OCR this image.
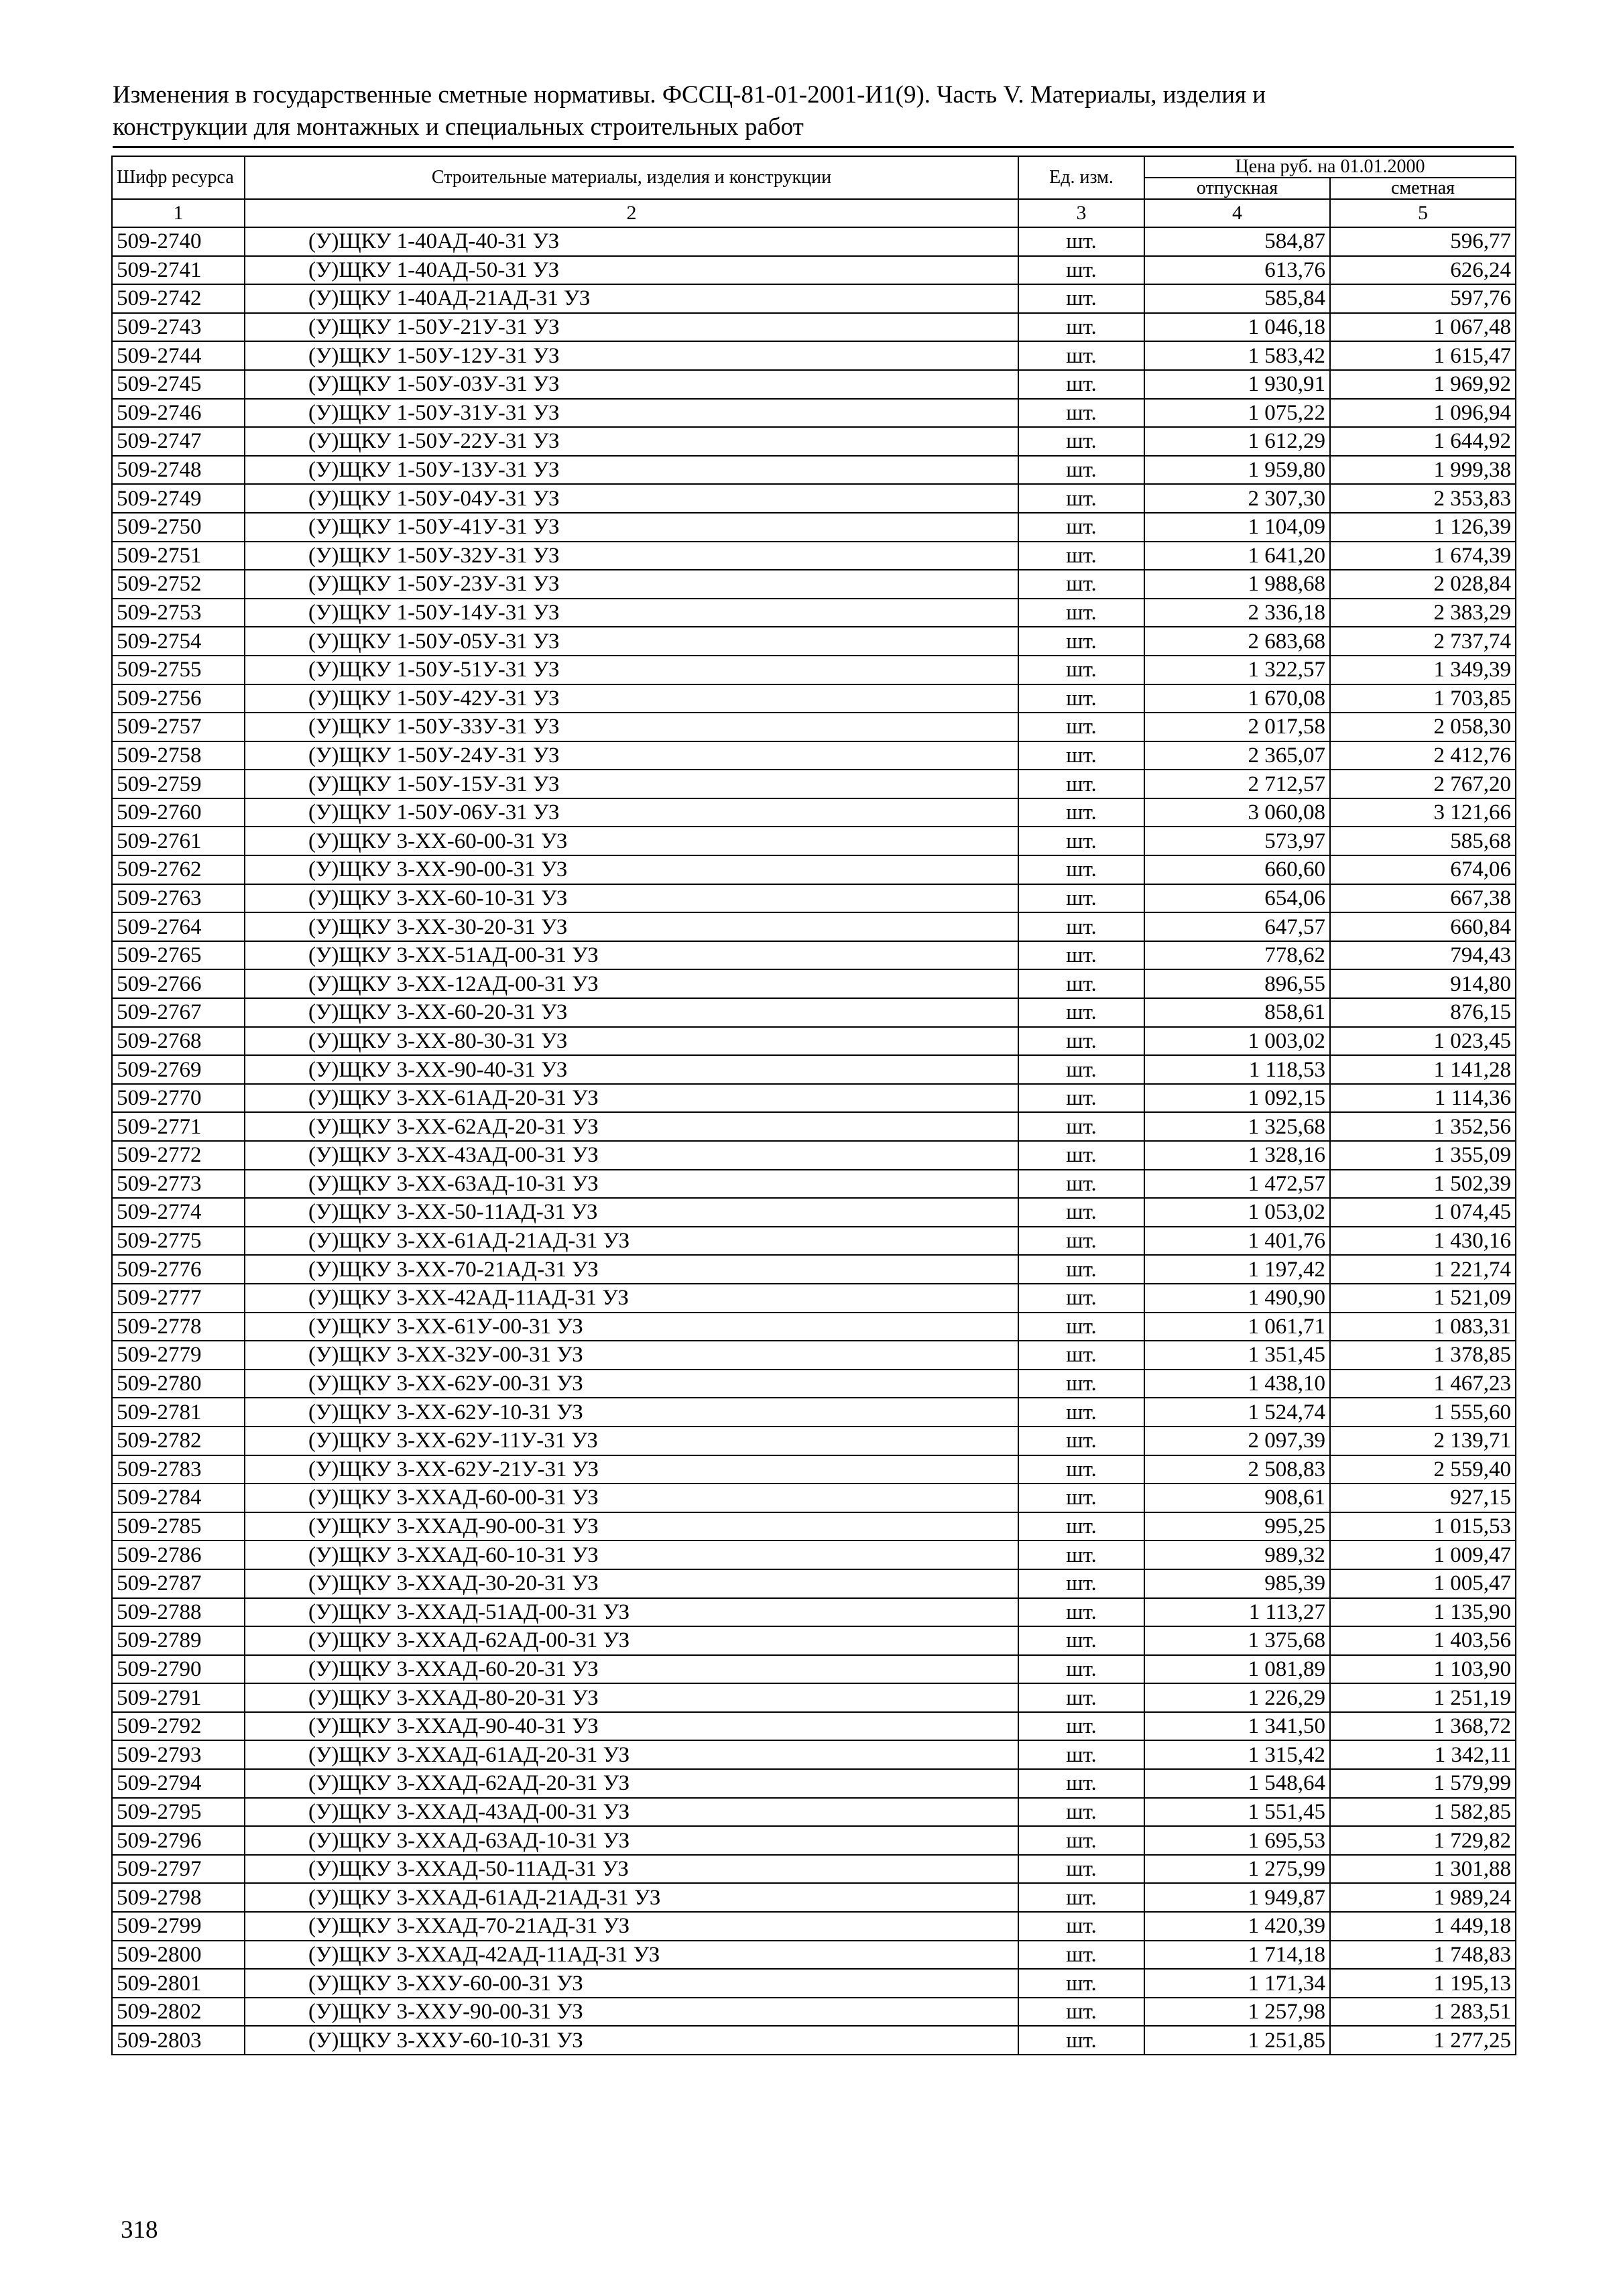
Изменения в государственные сметные нормативы. ФССЦ-81-01-2001-И1(9). Часть V. Материалы, изделия и
конструкции для монтажных и специальных строительных работ
Шифр ресурса	Строительные материалы, изделия и конструкции	Ед. изм.	Цена руб. на 01.01.2000	
			отпускная	сметная
1	2	3	4	5
509-2740	(У)ЩКУ 1-40АД-40-31 УЗ	шт.	584,87	596,77
509-2741	(У)ЩКУ 1-40АД-50-31 УЗ	шт.	613,76	626,24
509-2742	(У)ЩКУ 1-40АД-21АД-31 УЗ	шт.	585,84	597,76
509-2743	(У)ЩКУ 1-50У-21У-31 УЗ	шт.	1 046,18	1 067,48
509-2744	(У)ЩКУ 1-50У-12У-31 УЗ	шт.	1 583,42	1 615,47
509-2745	(У)ЩКУ 1-50У-03У-31 УЗ	шт.	1 930,91	1 969,92
509-2746	(У)ЩКУ 1-50У-31У-31 УЗ	шт.	1 075,22	1 096,94
509-2747	(У)ЩКУ 1-50У-22У-31 УЗ	шт.	1 612,29	1 644,92
509-2748	(У)ЩКУ 1-50У-13У-31 УЗ	шт.	1 959,80	1 999,38
509-2749	(У)ЩКУ 1-50У-04У-31 УЗ	шт.	2 307,30	2 353,83
509-2750	(У)ЩКУ 1-50У-41У-31 УЗ	шт.	1 104,09	1 126,39
509-2751	(У)ЩКУ 1-50У-32У-31 УЗ	шт.	1 641,20	1 674,39
509-2752	(У)ЩКУ 1-50У-23У-31 УЗ	шт.	1 988,68	2 028,84
509-2753	(У)ЩКУ 1-50У-14У-31 УЗ	шт.	2 336,18	2 383,29
509-2754	(У)ЩКУ 1-50У-05У-31 УЗ	шт.	2 683,68	2 737,74
509-2755	(У)ЩКУ 1-50У-51У-31 УЗ	шт.	1 322,57	1 349,39
509-2756	(У)ЩКУ 1-50У-42У-31 УЗ	шт.	1 670,08	1 703,85
509-2757	(У)ЩКУ 1-50У-33У-31 УЗ	шт.	2 017,58	2 058,30
509-2758	(У)ЩКУ 1-50У-24У-31 УЗ	шт.	2 365,07	2 412,76
509-2759	(У)ЩКУ 1-50У-15У-31 УЗ	шт.	2 712,57	2 767,20
509-2760	(У)ЩКУ 1-50У-06У-31 УЗ	шт.	3 060,08	3 121,66
509-2761	(У)ЩКУ 3-ХХ-60-00-31 УЗ	шт.	573,97	585,68
509-2762	(У)ЩКУ 3-ХХ-90-00-31 УЗ	шт.	660,60	674,06
509-2763	(У)ЩКУ 3-ХХ-60-10-31 УЗ	шт.	654,06	667,38
509-2764	(У)ЩКУ 3-ХХ-30-20-31 УЗ	шт.	647,57	660,84
509-2765	(У)ЩКУ 3-ХХ-51АД-00-31 УЗ	шт.	778,62	794,43
509-2766	(У)ЩКУ 3-ХХ-12АД-00-31 УЗ	шт.	896,55	914,80
509-2767	(У)ЩКУ 3-ХХ-60-20-31 УЗ	шт.	858,61	876,15
509-2768	(У)ЩКУ 3-ХХ-80-30-31 УЗ	шт.	1 003,02	1 023,45
509-2769	(У)ЩКУ 3-ХХ-90-40-31 УЗ	шт.	1 118,53	1 141,28
509-2770	(У)ЩКУ 3-ХХ-61АД-20-31 УЗ	шт.	1 092,15	1 114,36
509-2771	(У)ЩКУ 3-ХХ-62АД-20-31 УЗ	шт.	1 325,68	1 352,56
509-2772	(У)ЩКУ 3-ХХ-43АД-00-31 УЗ	шт.	1 328,16	1 355,09
509-2773	(У)ЩКУ 3-ХХ-63АД-10-31 УЗ	шт.	1 472,57	1 502,39
509-2774	(У)ЩКУ 3-ХХ-50-11АД-31 УЗ	шт.	1 053,02	1 074,45
509-2775	(У)ЩКУ 3-ХХ-61АД-21АД-31 УЗ	шт.	1 401,76	1 430,16
509-2776	(У)ЩКУ 3-ХХ-70-21АД-31 УЗ	шт.	1 197,42	1 221,74
509-2777	(У)ЩКУ 3-ХХ-42АД-11АД-31 УЗ	шт.	1 490,90	1 521,09
509-2778	(У)ЩКУ 3-ХХ-61У-00-31 УЗ	шт.	1 061,71	1 083,31
509-2779	(У)ЩКУ 3-ХХ-32У-00-31 УЗ	шт.	1 351,45	1 378,85
509-2780	(У)ЩКУ 3-ХХ-62У-00-31 УЗ	шт.	1 438,10	1 467,23
509-2781	(У)ЩКУ 3-ХХ-62У-10-31 УЗ	шт.	1 524,74	1 555,60
509-2782	(У)ЩКУ 3-ХХ-62У-11У-31 УЗ	шт.	2 097,39	2 139,71
509-2783	(У)ЩКУ 3-ХХ-62У-21У-31 УЗ	шт.	2 508,83	2 559,40
509-2784	(У)ЩКУ 3-ХХАД-60-00-31 УЗ	шт.	908,61	927,15
509-2785	(У)ЩКУ 3-ХХАД-90-00-31 УЗ	шт.	995,25	1 015,53
509-2786	(У)ЩКУ 3-ХХАД-60-10-31 УЗ	шт.	989,32	1 009,47
509-2787	(У)ЩКУ 3-ХХАД-30-20-31 УЗ	шт.	985,39	1 005,47
509-2788	(У)ЩКУ 3-ХХАД-51АД-00-31 УЗ	шт.	1 113,27	1 135,90
509-2789	(У)ЩКУ 3-ХХАД-62АД-00-31 УЗ	шт.	1 375,68	1 403,56
509-2790	(У)ЩКУ 3-ХХАД-60-20-31 УЗ	шт.	1 081,89	1 103,90
509-2791	(У)ЩКУ 3-ХХАД-80-20-31 УЗ	шт.	1 226,29	1 251,19
509-2792	(У)ЩКУ 3-ХХАД-90-40-31 УЗ	шт.	1 341,50	1 368,72
509-2793	(У)ЩКУ 3-ХХАД-61АД-20-31 УЗ	шт.	1 315,42	1 342,11
509-2794	(У)ЩКУ 3-ХХАД-62АД-20-31 УЗ	шт.	1 548,64	1 579,99
509-2795	(У)ЩКУ 3-ХХАД-43АД-00-31 УЗ	шт.	1 551,45	1 582,85
509-2796	(У)ЩКУ 3-ХХАД-63АД-10-31 УЗ	шт.	1 695,53	1 729,82
509-2797	(У)ЩКУ 3-ХХАД-50-11АД-31 УЗ	шт.	1 275,99	1 301,88
509-2798	(У)ЩКУ 3-ХХАД-61АД-21АД-31 УЗ	шт.	1 949,87	1 989,24
509-2799	(У)ЩКУ 3-ХХАД-70-21АД-31 УЗ	шт.	1 420,39	1 449,18
509-2800	(У)ЩКУ 3-ХХАД-42АД-11АД-31 УЗ	шт.	1 714,18	1 748,83
509-2801	(У)ЩКУ 3-ХХУ-60-00-31 УЗ	шт.	1 171,34	1 195,13
509-2802	(У)ЩКУ 3-ХХУ-90-00-31 УЗ	шт.	1 257,98	1 283,51
509-2803	(У)ЩКУ 3-ХХУ-60-10-31 УЗ	шт.	1 251,85	1 277,25
318
